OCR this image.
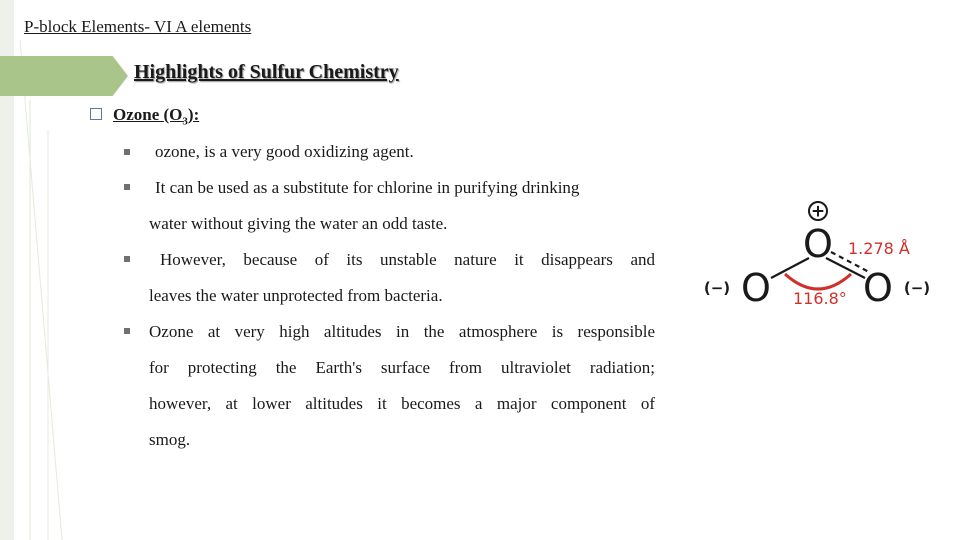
P-block Elements- VI A elements
Highlights of Sulfur Chemistry
Ozone $(O_3)$:
ozone, is a very good oxidizing agent.
It can be used as a substitute for chlorine in purifying drinking
water without giving the water an odd taste.
However, because of its unstable nature it disappears and
leaves the water unprotected from bacteria.
Ozone at very high altitudes in the atmosphere is responsible
for protecting the Earth's surface from ultraviolet radiation;
however, at lower altitudes it becomes a major component of
smog.
+
O
O O
(−)	(−)
1.278 Å
116.8°
